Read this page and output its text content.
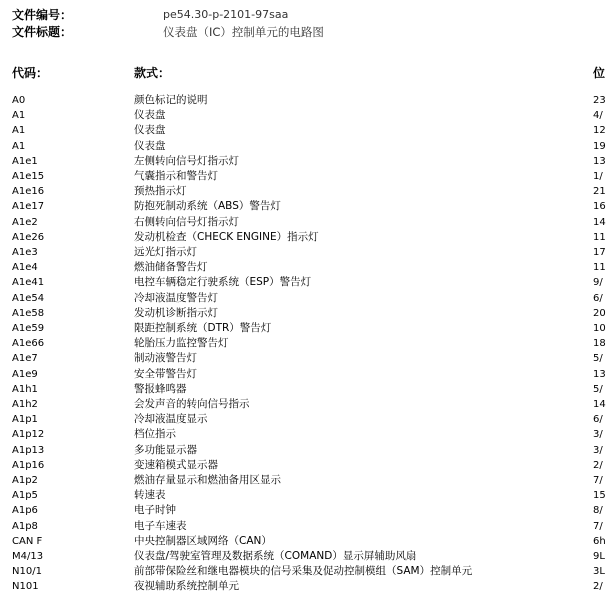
文件编号：	pe54.30-p-2101-97saa
文件标题：	仪表盘（IC）控制单元的电路图
代码：	款式：	位
A0	颜色标记的说明	23
A1	仪表盘	4/
A1	仪表盘	12
A1	仪表盘	19
A1e1	左侧转向信号灯指示灯	13
A1e15	气囊指示和警告灯	1/
A1e16	预热指示灯	21
A1e17	防抱死制动系统（ABS）警告灯	16
A1e2	右侧转向信号灯指示灯	14
A1e26	发动机检查（CHECK ENGINE）指示灯	11
A1e3	远光灯指示灯	17
A1e4	燃油储备警告灯	11
A1e41	电控车辆稳定行驶系统（ESP）警告灯	9/
A1e54	冷却液温度警告灯	6/
A1e58	发动机诊断指示灯	20
A1e59	限距控制系统（DTR）警告灯	10
A1e66	轮胎压力监控警告灯	18
A1e7	制动液警告灯	5/
A1e9	安全带警告灯	13
A1h1	警报蜂鸣器	5/
A1h2	会发声音的转向信号指示	14
A1p1	冷却液温度显示	6/
A1p12	档位指示	3/
A1p13	多功能显示器	3/
A1p16	变速箱模式显示器	2/
A1p2	燃油存量显示和燃油备用区显示	7/
A1p5	转速表	15
A1p6	电子时钟	8/
A1p8	电子车速表	7/
CAN F	中央控制器区域网络（CAN）	6h
M4/13	仪表盘/驾驶室管理及数据系统（COMAND）显示屏辅助风扇	9L
N10/1	前部带保险丝和继电器模块的信号采集及促动控制模组（SAM）控制单元	3L
N101	夜视辅助系统控制单元	2/
